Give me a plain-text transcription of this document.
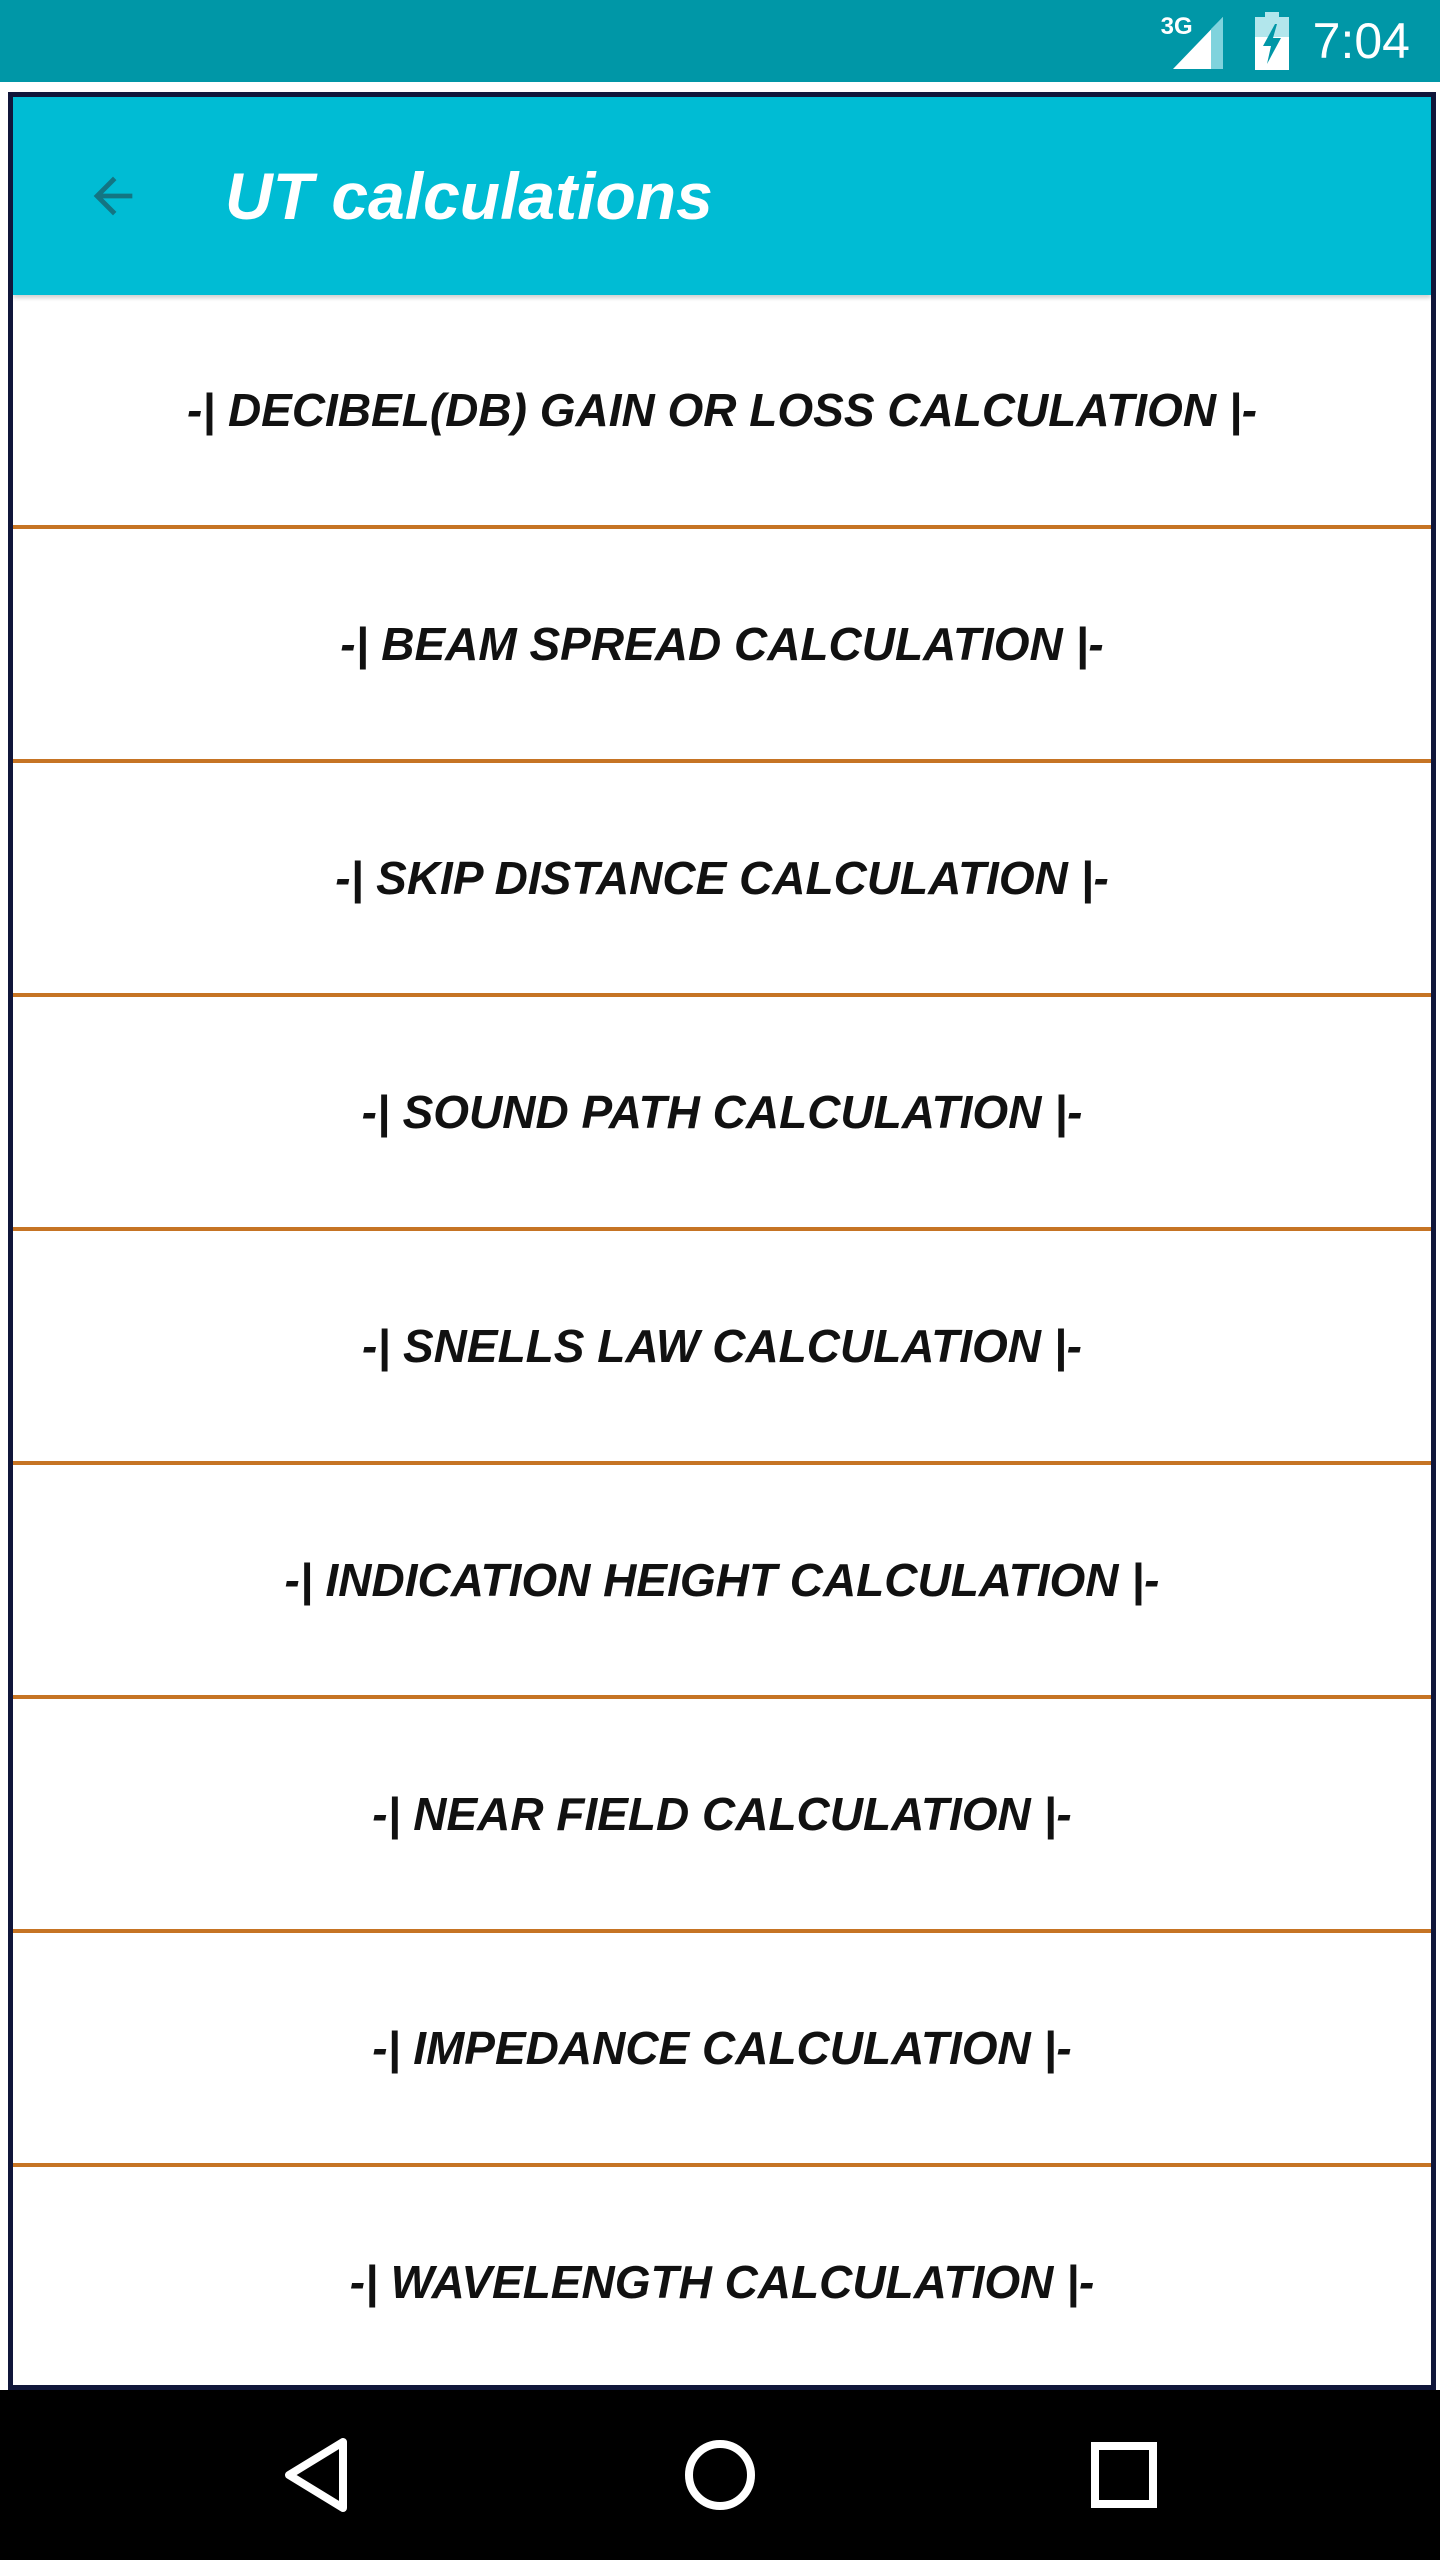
3G 7:04
UT calculations
-| DECIBEL(DB) GAIN OR LOSS CALCULATION |-
-| BEAM SPREAD CALCULATION |-
-| SKIP DISTANCE CALCULATION |-
-| SOUND PATH CALCULATION |-
-| SNELLS LAW CALCULATION |-
-| INDICATION HEIGHT CALCULATION |-
-| NEAR FIELD CALCULATION |-
-| IMPEDANCE CALCULATION |-
-| WAVELENGTH CALCULATION |-
